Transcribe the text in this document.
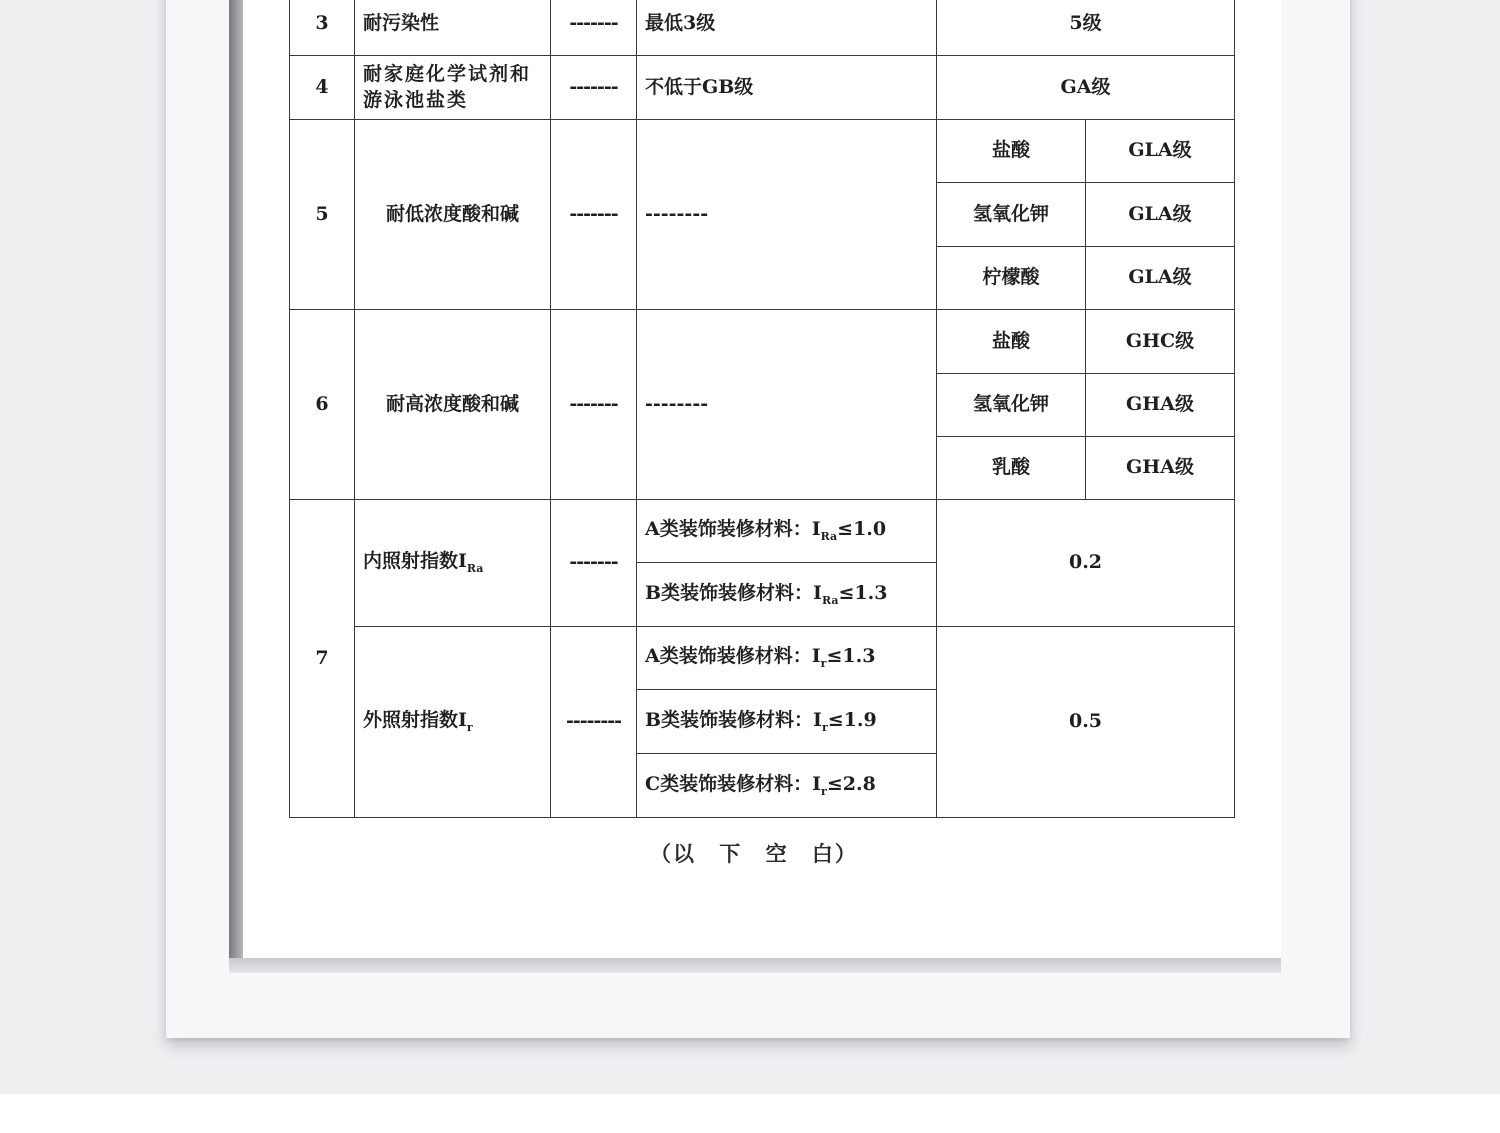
3	耐污染性	-------	最低3级	5级	
4	耐家庭化学试剂和游泳池盐类	-------	不低于GB级	GA级	
5	耐低浓度酸和碱	-------	--------	盐酸	GLA级
				氢氧化钾	GLA级
				柠檬酸	GLA级
6	耐高浓度酸和碱	-------	--------	盐酸	GHC级
				氢氧化钾	GHA级
				乳酸	GHA级
7	内照射指数$I_{Ra}$	-------	A类装饰装修材料：$I_{Ra}\le 1.0$	0.2	
			B类装饰装修材料：$I_{Ra}\le 1.3$		
	外照射指数$I_r$	--------	A类装饰装修材料：$I_r\le 1.3$	0.5	
			B类装饰装修材料：$I_r\le 1.9$		
			C类装饰装修材料：$I_r\le 2.8$		
（以 下 空 白）
